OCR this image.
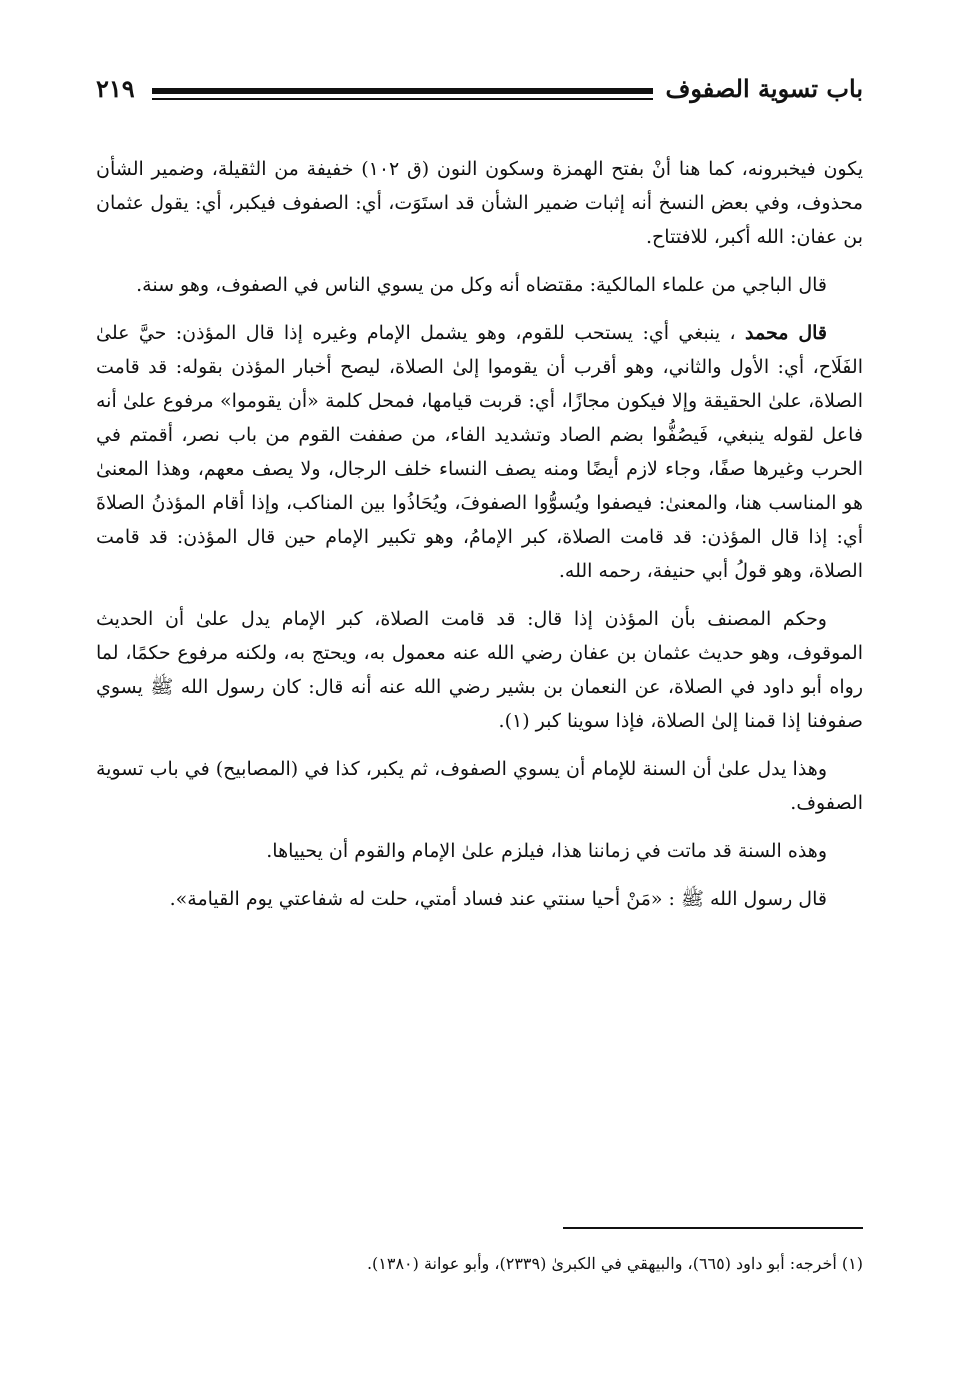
باب تسوية الصفوف
٢١٩

يكون فيخبرونه، كما هنا أنْ بفتح الهمزة وسكون النون (ق ١٠٢) خفيفة من الثقيلة، وضمير الشأن محذوف، وفي بعض النسخ أنه إثبات ضمير الشأن قد استَوَت، أي: الصفوف فيكبر، أي: يقول عثمان بن عفان: الله أكبر، للافتتاح.

قال الباجي من علماء المالكية: مقتضاه أنه وكل من يسوي الناس في الصفوف، وهو سنة.

قال محمد ، ينبغي أي: يستحب للقوم، وهو يشمل الإمام وغيره إذا قال المؤذن: حيَّ علىٰ الفَلَاح، أي: الأول والثاني، وهو أقرب أن يقوموا إلىٰ الصلاة، ليصح أخبار المؤذن بقوله: قد قامت الصلاة، علىٰ الحقيقة وإلا فيكون مجازًا، أي: قربت قيامها، فمحل كلمة «أن يقوموا» مرفوع علىٰ أنه فاعل لقوله ينبغي، فَيصُفُّوا بضم الصاد وتشديد الفاء، من صففت القوم من باب نصر، أقمتم في الحرب وغيرها صفًا، وجاء لازم أيضًا ومنه يصف النساء خلف الرجال، ولا يصف معهم، وهذا المعنىٰ هو المناسب هنا، والمعنىٰ: فيصفوا ويُسوُّوا الصفوفَ، ويُحَاذُوا بين المناكب، وإذا أقام المؤذنُ الصلاةَ أي: إذا قال المؤذن: قد قامت الصلاة، كبر الإمامُ، وهو تكبير الإمام حين قال المؤذن: قد قامت الصلاة، وهو قولُ أبي حنيفة، رحمه الله.

وحكم المصنف بأن المؤذن إذا قال: قد قامت الصلاة، كبر الإمام يدل علىٰ أن الحديث الموقوف، وهو حديث عثمان بن عفان رضي الله عنه معمول به، ويحتج به، ولكنه مرفوع حكمًا، لما رواه أبو داود في الصلاة، عن النعمان بن بشير رضي الله عنه أنه قال: كان رسول الله ﷺ يسوي صفوفنا إذا قمنا إلىٰ الصلاة، فإذا سوينا كبر (١).

وهذا يدل علىٰ أن السنة للإمام أن يسوي الصفوف، ثم يكبر، كذا في (المصابيح) في باب تسوية الصفوف.

وهذه السنة قد ماتت في زماننا هذا، فيلزم علىٰ الإمام والقوم أن يحيياها.

قال رسول الله ﷺ : «مَنْ أحيا سنتي عند فساد أمتي، حلت له شفاعتي يوم القيامة».

(١) أخرجه: أبو داود (٦٦٥)، والبيهقي في الكبرىٰ (٢٣٣٩)، وأبو عوانة (١٣٨٠).
